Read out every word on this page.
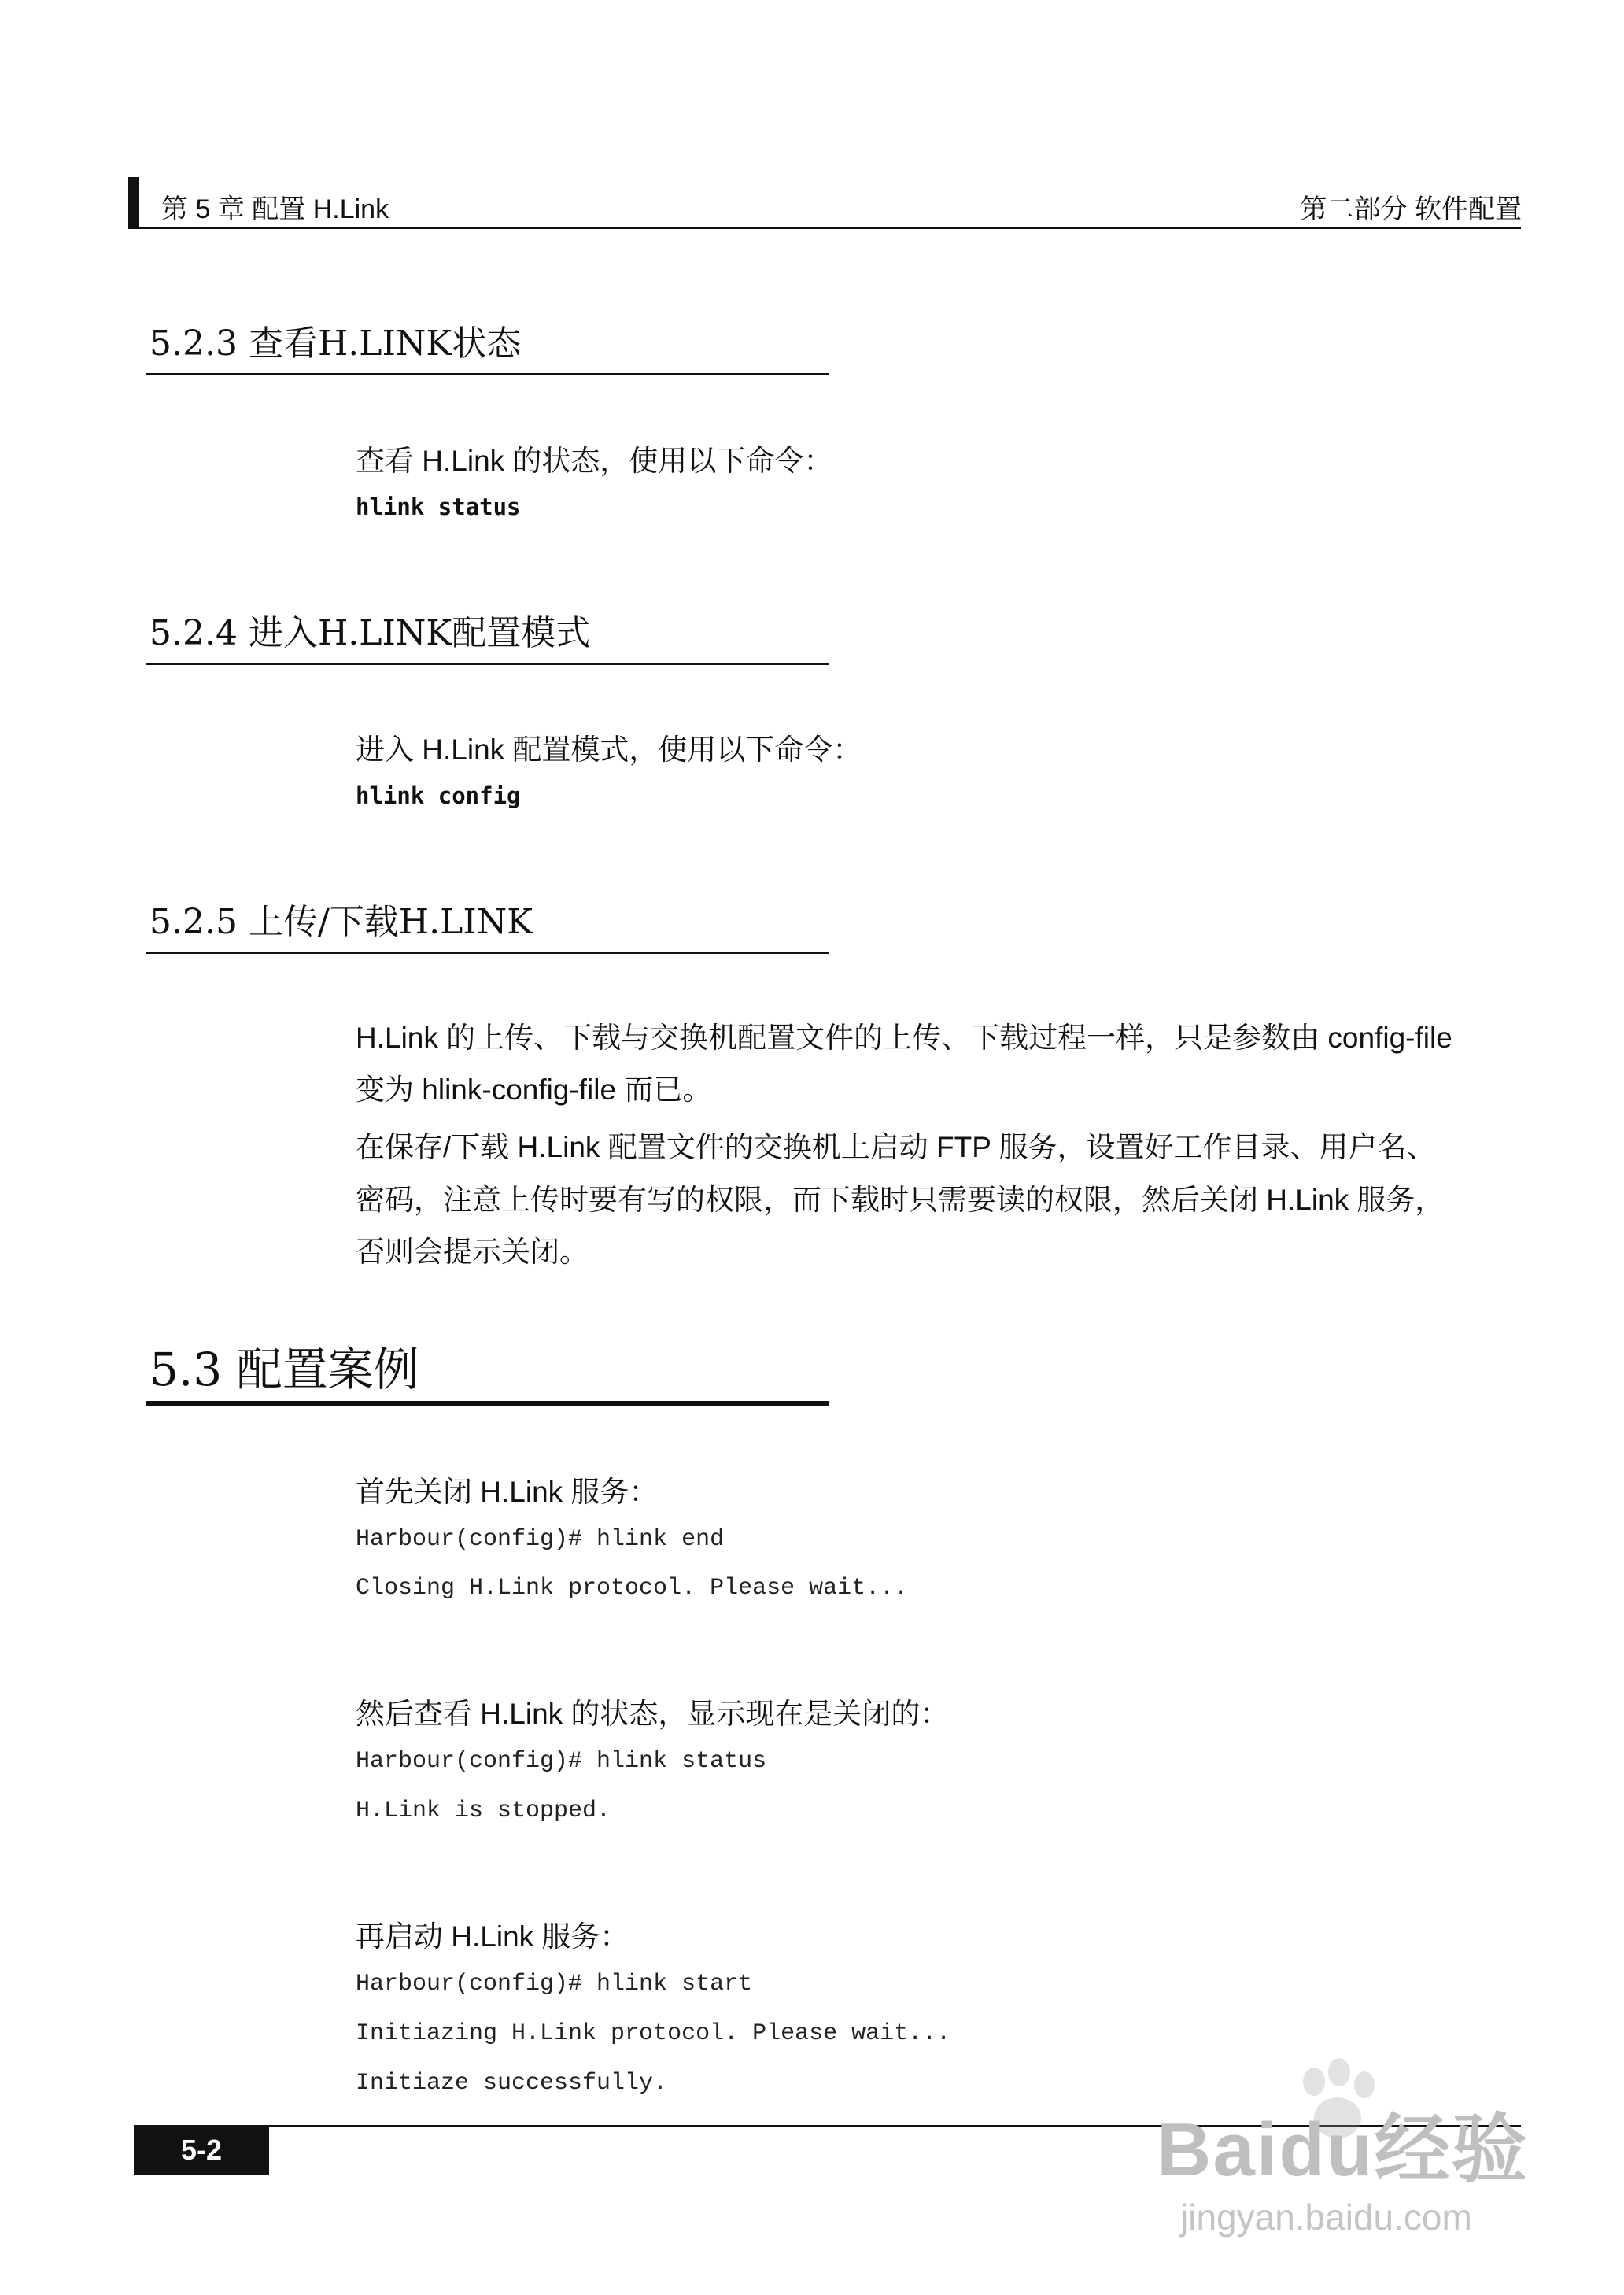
第 5 章 配置 H.Link	第二部分 软件配置
5.2.3 查看H.LINK状态
查看 H.Link 的状态，使用以下命令：
hlink status
5.2.4 进入H.LINK配置模式
进入 H.Link 配置模式，使用以下命令：
hlink config
5.2.5 上传/下载H.LINK
H.Link 的上传、下载与交换机配置文件的上传、下载过程一样，只是参数由 config-file
变为 hlink-config-file 而已。
在保存/下载 H.Link 配置文件的交换机上启动 FTP 服务，设置好工作目录、用户名、
密码，注意上传时要有写的权限，而下载时只需要读的权限，然后关闭 H.Link 服务，
否则会提示关闭。
5.3 配置案例
首先关闭 H.Link 服务：
Harbour(config)# hlink end
Closing H.Link protocol. Please wait...
然后查看 H.Link 的状态，显示现在是关闭的：
Harbour(config)# hlink status
H.Link is stopped.
再启动 H.Link 服务：
Harbour(config)# hlink start
Initiazing H.Link protocol. Please wait...
Initiaze successfully.
5-2	Baidu经验
jingyan.baidu.com
